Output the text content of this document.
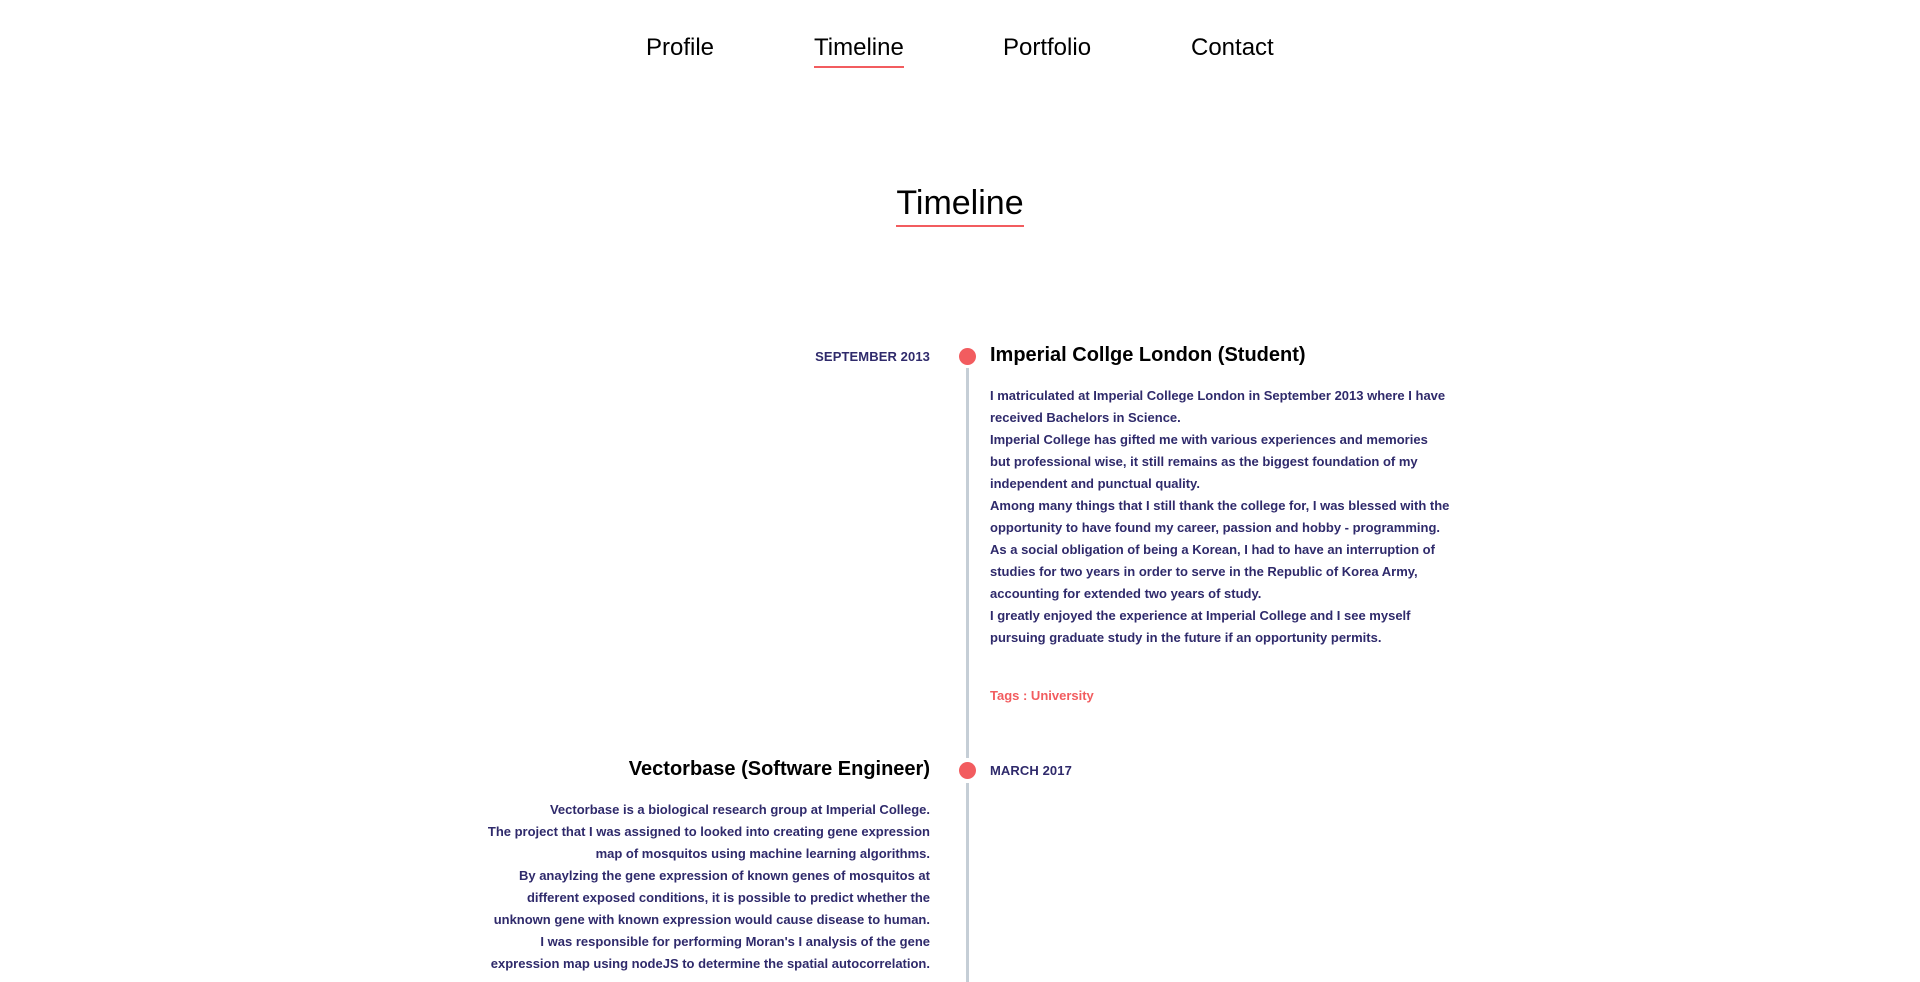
Profile	Timeline	Portfolio	Contact
Timeline
SEPTEMBER 2013	Imperial Collge London (Student)

I matriculated at Imperial College London in September 2013 where I have received Bachelors in Science.

Imperial College has gifted me with various experiences and memories but professional wise, it still remains as the biggest foundation of my independent and punctual quality.

Among many things that I still thank the college for, I was blessed with the opportunity to have found my career, passion and hobby - programming.

As a social obligation of being a Korean, I had to have an interruption of studies for two years in order to serve in the Republic of Korea Army, accounting for extended two years of study.

I greatly enjoyed the experience at Imperial College and I see myself pursuing graduate study in the future if an opportunity permits.

Tags : University
Vectorbase (Software Engineer)	MARCH 2017

Vectorbase is a biological research group at Imperial College.

The project that I was assigned to looked into creating gene expression map of mosquitos using machine learning algorithms.

By anaylzing the gene expression of known genes of mosquitos at different exposed conditions, it is possible to predict whether the unknown gene with known expression would cause disease to human.

I was responsible for performing Moran's I analysis of the gene expression map using nodeJS to determine the spatial autocorrelation.
